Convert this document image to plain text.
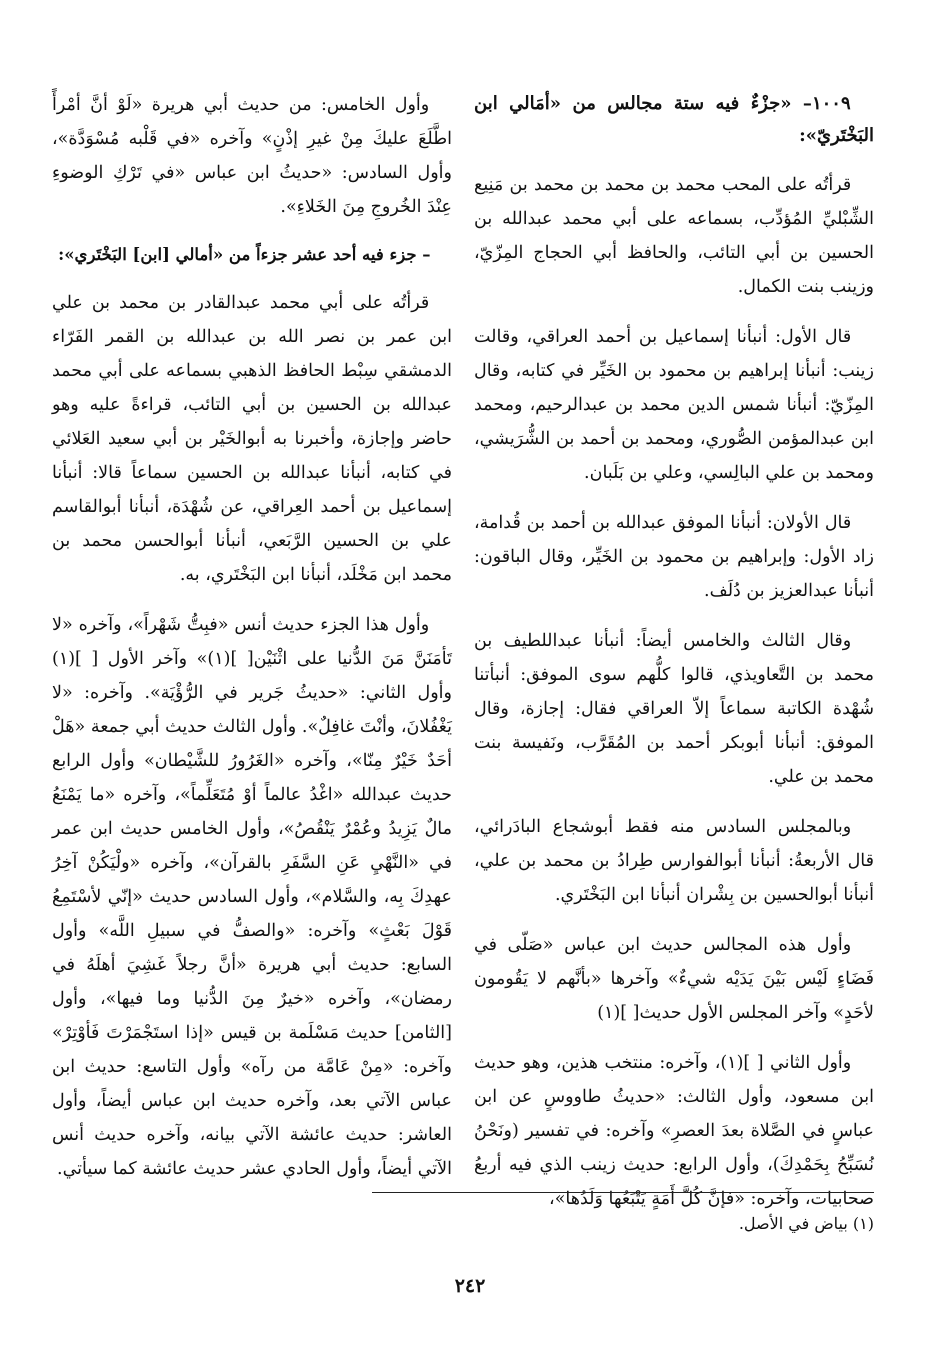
١٠٠٩– «جزْءٌ فيه ستة مجالس من «أمَالي ابن البَخْتَريّ»:

قرأتُه على المحب محمد بن محمد بن محمد بن مَنِيع الشِّبْليِّ المُؤدِّب، بسماعه على أبي محمد عبدالله بن الحسين بن أبي التائب، والحافظ أبي الحجاج المِزّيّ، وزينب بنت الكمال.

قال الأول: أنبأنا إسماعيل بن أحمد العراقي، وقالت زينب: أنبأنا إبراهيم بن محمود بن الخَيِّر في كتابه، وقال المِزّيّ: أنبأنا شمس الدين محمد بن عبدالرحيم، ومحمد ابن عبدالمؤمن الصُّوري، ومحمد بن أحمد بن الشُّرَيشي، ومحمد بن علي البالِسي، وعلي بن بَلَبان.

قال الأولان: أنبأنا الموفق عبدالله بن أحمد بن قُدامة، زاد الأول: وإبراهيم بن محمود بن الخَيِّر، وقال الباقون: أنبأنا عبدالعزيز بن دُلَف.

وقال الثالث والخامس أيضاً: أنبأنا عبداللطيف بن محمد بن التَّعاويذي، قالوا كلُّهم سوى الموفق: أنبأتنا شُهْدة الكاتبة سماعاً إلاّ العراقي فقال: إجازة، وقال الموفق: أنبأنا أبوبكر أحمد بن المُقَرَّب، ونَفيسة بنت محمد بن علي.

وبالمجلس السادس منه فقط أبوشجاع البادَرائي، قال الأربعةُ: أنبأنا أبوالفوارس طِرادُ بن محمد بن علي، أنبأنا أبوالحسين بن بِشْران أنبأنا ابن البَخْتَري.

وأول هذه المجالس حديث ابن عباس «صَلّى في فَضَاءٍ لَيْس بَيْنَ يَدَيْه شيءٌ» وآخرها «بأنَّهم لا يَقُومون لأحَدٍ» وآخر المجلس الأول حديث[ ](١)

وأول الثاني [ ](١)، وآخره: منتخب هذين، وهو حديث ابن مسعود، وأول الثالث: «حديثُ طاووسٍ عن ابن عباسٍ في الصَّلاة بعدَ العصرِ» وآخره: في تفسير (ونَحْنُ نُسَبِّحُ بِحَمْدِكَ)، وأول الرابع: حديث زينب الذي فيه أربعُ صحابيات، وآخره: «فإنَّ كُلَّ أَمَةٍ يَتْبَعُها وَلَدُها»،

وأول الخامس: من حديث أبي هريرة «لَوْ أنَّ أمْرأً اطَّلَعَ عليكَ مِنْ غيرِ إذْنٍ» وآخره «في قَلْبه مُسْوَدَّة»، وأول السادس: «حديثُ ابن عباس «في تَرْكِ الوضوءِ عِنْدَ الخُروجِ مِنَ الخَلاءِ».

– جزء فيه أحد عشر جزءاً من «أمالي [ابن] البَخْتَري»:

قرأتُه على أبي محمد عبدالقادر بن محمد بن علي ابن عمر بن نصر الله بن عبدالله بن القمر الفَرّاء الدمشقي سِبْط الحافظ الذهبي بسماعه على أبي محمد عبدالله بن الحسين بن أبي التائب، قراءةً عليه وهو حاضر وإجازة، وأخبرنا به أبوالخَيْر بن أبي سعيد العَلائي في كتابه، أنبأنا عبدالله بن الحسين سماعاً قالا: أنبأنا إسماعيل بن أحمد العِراقي، عن شُهْدَة، أنبأنا أبوالقاسم علي بن الحسين الرَّبَعي، أنبأنا أبوالحسن محمد بن محمد ابن مَخْلَد، أنبأنا ابن البَخْتَري، به.

وأول هذا الجزء حديث أنس «فبِتُّ شَهْراً»، وآخره «لا تَأمَنَنَّ مَنَ الدُّنيا على اثْنَيْن[ ](١)» وآخر الأول [ ](١) وأول الثاني: «حديثُ جَرير في الرُّؤْيَة». وآخره: «لا يَغْفُلانَ، وأنْتَ غافِلٌ». وأول الثالث حديث أبي جمعة «هَلْ أحَدٌ خَيْرٌ مِنّا»، وآخره «الغَرُورُ للشَّيْطان» وأول الرابع حديث عبدالله «اغْدُ عالماً أوْ مُتَعَلِّماً»، وآخره «ما يَمْنَعُ مالٌ يَزِيدُ وعُمْرٌ يَنْقُصُ»، وأول الخامس حديث ابن عمر في «النَّهْيِ عَنِ السَّفَرِ بالقرآن»، وآخره «ولْيَكُنْ آخِرُ عهدِكَ بِه، والسَّلام»، وأول السادس حديث «إنّي لأسْتَمِعُ قَوْلَ بَعْثٍ» وآخره: «والصفُّ في سبيلِ اللَّه» وأول السابع: حديث أبي هريرة «أنَّ رجلاً غَشِيَ أهلَهُ في رمضان»، وآخره «خيرٌ مِنَ الدُّنيا وما فيها»، وأول [الثامن] حديث مَسْلَمة بن قيس «إذا استَجْمَرْتَ فَأوْتِرْ» وآخره: «مِنْ عَامَّة من رآه» وأول التاسع: حديث ابن عباس الآتي بعد، وآخره حديث ابن عباس أيضاً، وأول العاشر: حديث عائشة الآتي بيانه، وآخره حديث أنس الآتي أيضاً، وأول الحادي عشر حديث عائشة كما سيأتي.

(١) بياض في الأصل.
٢٤٢
